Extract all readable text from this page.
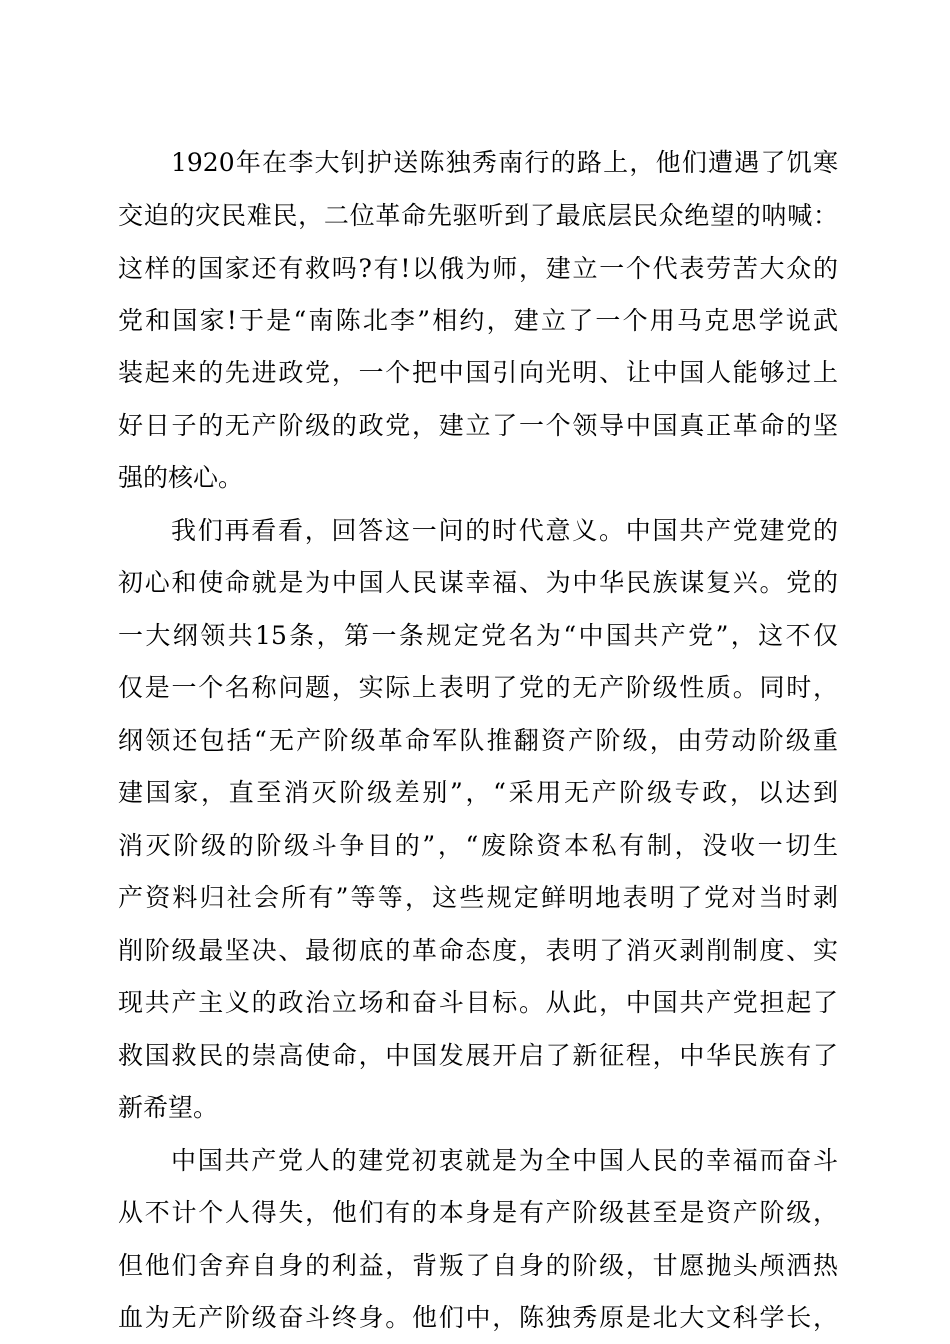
1920年在李大钊护送陈独秀南行的路上，他们遭遇了饥寒
交迫的灾民难民，二位革命先驱听到了最底层民众绝望的呐喊：
这样的国家还有救吗?有!以俄为师，建立一个代表劳苦大众的
党和国家!于是“南陈北李”相约，建立了一个用马克思学说武
装起来的先进政党，一个把中国引向光明、让中国人能够过上
好日子的无产阶级的政党，建立了一个领导中国真正革命的坚
强的核心。
我们再看看，回答这一问的时代意义。中国共产党建党的
初心和使命就是为中国人民谋幸福、为中华民族谋复兴。党的
一大纲领共15条，第一条规定党名为“中国共产党”，这不仅
仅是一个名称问题，实际上表明了党的无产阶级性质。同时，
纲领还包括“无产阶级革命军队推翻资产阶级，由劳动阶级重
建国家，直至消灭阶级差别”，“采用无产阶级专政，以达到
消灭阶级的阶级斗争目的”，“废除资本私有制，没收一切生
产资料归社会所有”等等，这些规定鲜明地表明了党对当时剥
削阶级最坚决、最彻底的革命态度，表明了消灭剥削制度、实
现共产主义的政治立场和奋斗目标。从此，中国共产党担起了
救国救民的崇高使命，中国发展开启了新征程，中华民族有了
新希望。
中国共产党人的建党初衷就是为全中国人民的幸福而奋斗
从不计个人得失，他们有的本身是有产阶级甚至是资产阶级，
但他们舍弃自身的利益，背叛了自身的阶级，甘愿抛头颅洒热
血为无产阶级奋斗终身。他们中，陈独秀原是北大文科学长，
